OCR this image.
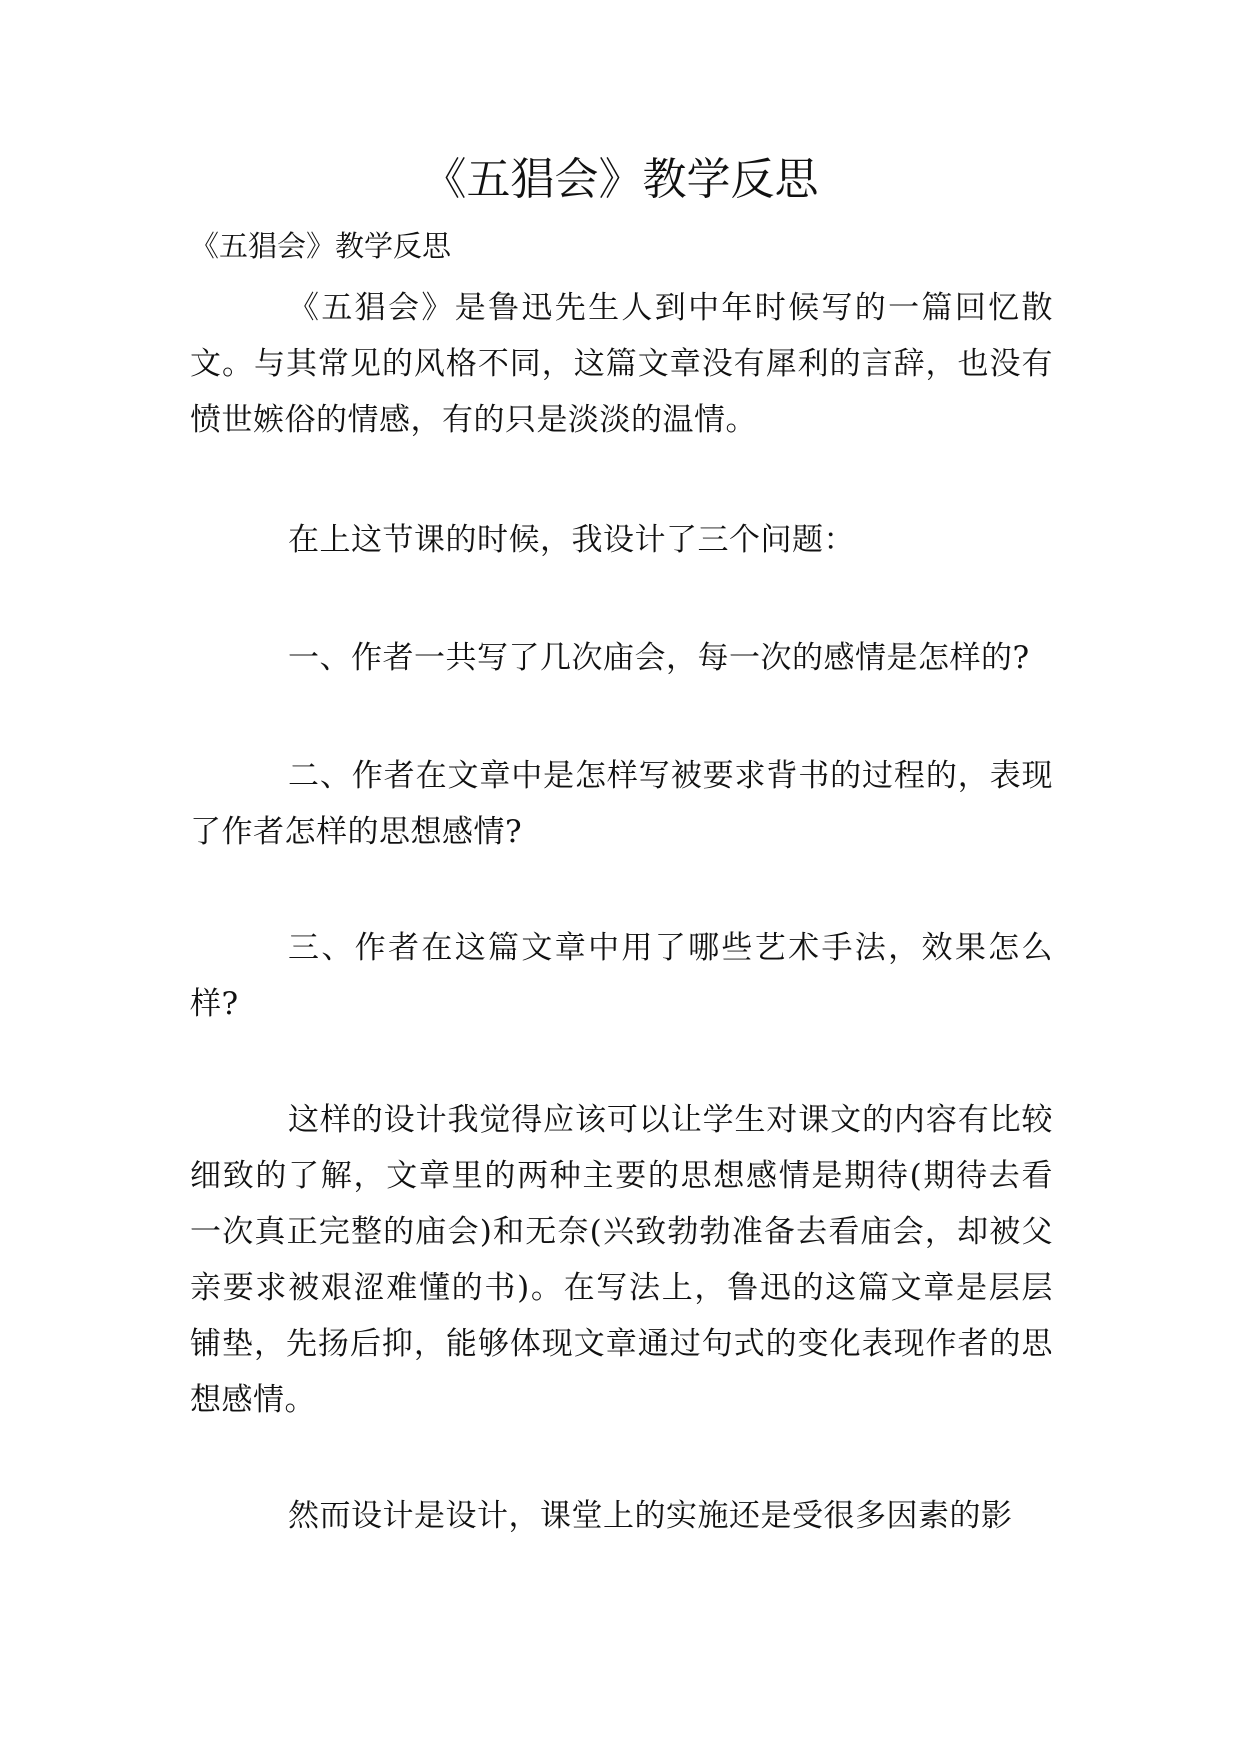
《五猖会》教学反思

《五猖会》教学反思

《五猖会》是鲁迅先生人到中年时候写的一篇回忆散文。与其常见的风格不同，这篇文章没有犀利的言辞，也没有愤世嫉俗的情感，有的只是淡淡的温情。

在上这节课的时候，我设计了三个问题：

一、作者一共写了几次庙会，每一次的感情是怎样的?

二、作者在文章中是怎样写被要求背书的过程的，表现了作者怎样的思想感情?

三、作者在这篇文章中用了哪些艺术手法，效果怎么样?

这样的设计我觉得应该可以让学生对课文的内容有比较细致的了解，文章里的两种主要的思想感情是期待(期待去看一次真正完整的庙会)和无奈(兴致勃勃准备去看庙会，却被父亲要求被艰涩难懂的书)。在写法上，鲁迅的这篇文章是层层铺垫，先扬后抑，能够体现文章通过句式的变化表现作者的思想感情。

然而设计是设计，课堂上的实施还是受很多因素的影
